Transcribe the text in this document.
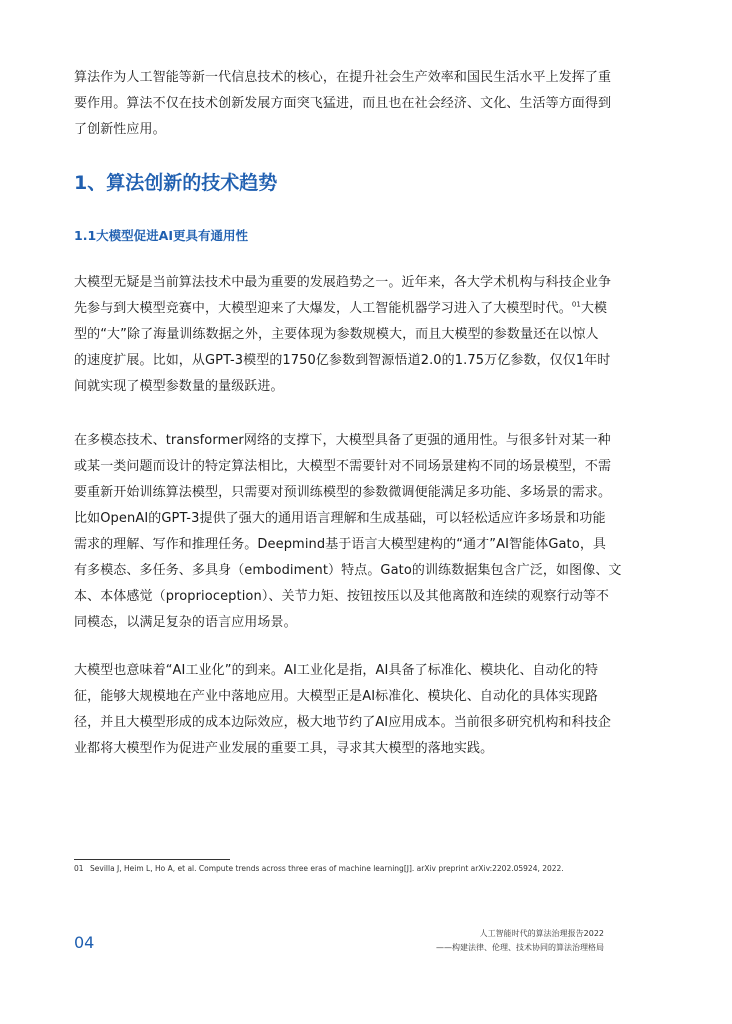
算法作为人工智能等新一代信息技术的核心，在提升社会生产效率和国民生活水平上发挥了重
要作用。算法不仅在技术创新发展方面突飞猛进，而且也在社会经济、文化、生活等方面得到
了创新性应用。

1、算法创新的技术趋势
1.1大模型促进AI更具有通用性

大模型无疑是当前算法技术中最为重要的发展趋势之一。近年来，各大学术机构与科技企业争
先参与到大模型竞赛中，大模型迎来了大爆发，人工智能机器学习进入了大模型时代。$^{01}$大模
型的“大”除了海量训练数据之外，主要体现为参数规模大，而且大模型的参数量还在以惊人
的速度扩展。比如，从GPT-3模型的1750亿参数到智源悟道2.0的1.75万亿参数，仅仅1年时
间就实现了模型参数量的量级跃进。

在多模态技术、transformer网络的支撑下，大模型具备了更强的通用性。与很多针对某一种
或某一类问题而设计的特定算法相比，大模型不需要针对不同场景建构不同的场景模型，不需
要重新开始训练算法模型，只需要对预训练模型的参数微调便能满足多功能、多场景的需求。
比如OpenAI的GPT-3提供了强大的通用语言理解和生成基础，可以轻松适应许多场景和功能
需求的理解、写作和推理任务。Deepmind基于语言大模型建构的“通才”AI智能体Gato，具
有多模态、多任务、多具身（embodiment）特点。Gato的训练数据集包含广泛，如图像、文
本、本体感觉（proprioception）、关节力矩、按钮按压以及其他离散和连续的观察行动等不
同模态，以满足复杂的语言应用场景。

大模型也意味着“AI工业化”的到来。AI工业化是指，AI具备了标准化、模块化、自动化的特
征，能够大规模地在产业中落地应用。大模型正是AI标准化、模块化、自动化的具体实现路
径，并且大模型形成的成本边际效应，极大地节约了AI应用成本。当前很多研究机构和科技企
业都将大模型作为促进产业发展的重要工具，寻求其大模型的落地实践。

01 Sevilla J, Heim L, Ho A, et al. Compute trends across three eras of machine learning[J]. arXiv preprint arXiv:2202.05924, 2022.
04	人工智能时代的算法治理报告2022
——构建法律、伦理、技术协同的算法治理格局
